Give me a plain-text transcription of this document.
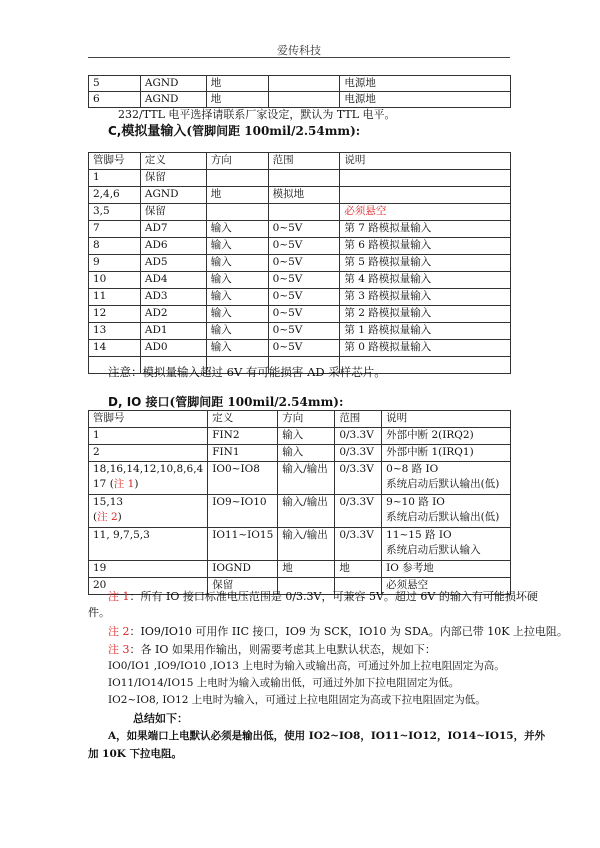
爱传科技
5	AGND	地		电源地
6	AGND	地		电源地
232/TTL 电平选择请联系厂家设定，默认为 TTL 电平。
C,模拟量输入(管脚间距 100mil/2.54mm):
管脚号	定义	方向	范围	说明
1	保留			
2,4,6	AGND	地	模拟地	
3,5	保留			必须悬空
7	AD7	输入	0~5V	第 7 路模拟量输入
8	AD6	输入	0~5V	第 6 路模拟量输入
9	AD5	输入	0~5V	第 5 路模拟量输入
10	AD4	输入	0~5V	第 4 路模拟量输入
11	AD3	输入	0~5V	第 3 路模拟量输入
12	AD2	输入	0~5V	第 2 路模拟量输入
13	AD1	输入	0~5V	第 1 路模拟量输入
14	AD0	输入	0~5V	第 0 路模拟量输入

注意：模拟量输入超过 6V 有可能损害 AD 采样芯片。
D, IO 接口(管脚间距 100mil/2.54mm):
管脚号	定义	方向	范围	说明
1	FIN2	输入	0/3.3V	外部中断 2(IRQ2)
2	FIN1	输入	0/3.3V	外部中断 1(IRQ1)
18,16,14,12,10,8,6,4
17 (注 1)	IO0~IO8	输入/输出	0/3.3V	0~8 路 IO
系统启动后默认输出(低)
15,13
(注 2)	IO9~IO10	输入/输出	0/3.3V	9~10 路 IO
系统启动后默认输出(低)
11, 9,7,5,3	IO11~IO15	输入/输出	0/3.3V	11~15 路 IO
系统启动后默认输入
19	IOGND	地	地	IO 参考地
20	保留			必须悬空
注 1：所有 IO 接口标准电压范围是 0/3.3V，可兼容 5V。超过 6V 的输入有可能损坏硬
件。
注 2：IO9/IO10 可用作 IIC 接口，IO9 为 SCK，IO10 为 SDA。内部已带 10K 上拉电阻。
注 3：各 IO 如果用作输出，则需要考虑其上电默认状态，规如下：
IO0/IO1 ,IO9/IO10 ,IO13 上电时为输入或输出高，可通过外加上拉电阻固定为高。
IO11/IO14/IO15 上电时为输入或输出低，可通过外加下拉电阻固定为低。
IO2~IO8, IO12 上电时为输入，可通过上拉电阻固定为高或下拉电阻固定为低。
总结如下：
A，如果端口上电默认必须是输出低，使用 IO2~IO8，IO11~IO12，IO14~IO15，并外
加 10K 下拉电阻。
